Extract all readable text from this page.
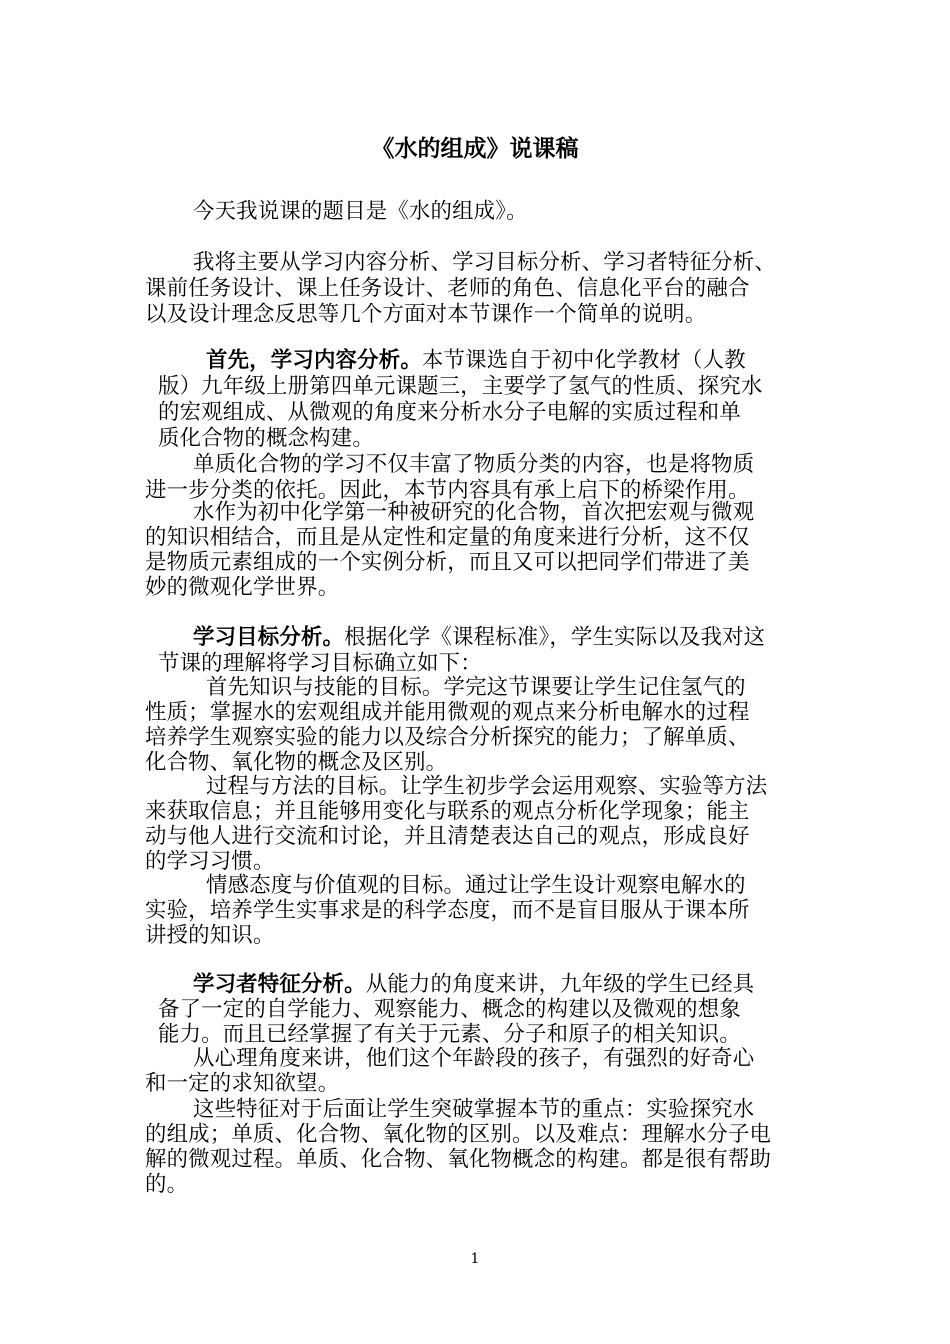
《水的组成》说课稿

今天我说课的题目是《水的组成》。

我将主要从学习内容分析、学习目标分析、学习者特征分析、

课前任务设计、课上任务设计、老师的角色、信息化平台的融合

以及设计理念反思等几个方面对本节课作一个简单的说明。

首先，学习内容分析。本节课选自于初中化学教材（人教

版）九年级上册第四单元课题三，主要学了氢气的性质、探究水

的宏观组成、从微观的角度来分析水分子电解的实质过程和单

质化合物的概念构建。

单质化合物的学习不仅丰富了物质分类的内容，也是将物质

进一步分类的依托。因此，本节内容具有承上启下的桥梁作用。

水作为初中化学第一种被研究的化合物，首次把宏观与微观

的知识相结合，而且是从定性和定量的角度来进行分析，这不仅

是物质元素组成的一个实例分析，而且又可以把同学们带进了美

妙的微观化学世界。

学习目标分析。根据化学《课程标准》，学生实际以及我对这

节课的理解将学习目标确立如下：

首先知识与技能的目标。学完这节课要让学生记住氢气的

性质；掌握水的宏观组成并能用微观的观点来分析电解水的过程

培养学生观察实验的能力以及综合分析探究的能力；了解单质、

化合物、氧化物的概念及区别。

过程与方法的目标。让学生初步学会运用观察、实验等方法

来获取信息；并且能够用变化与联系的观点分析化学现象；能主

动与他人进行交流和讨论，并且清楚表达自己的观点，形成良好

的学习习惯。

情感态度与价值观的目标。通过让学生设计观察电解水的

实验，培养学生实事求是的科学态度，而不是盲目服从于课本所

讲授的知识。

学习者特征分析。从能力的角度来讲，九年级的学生已经具

备了一定的自学能力、观察能力、概念的构建以及微观的想象

能力。而且已经掌握了有关于元素、分子和原子的相关知识。

从心理角度来讲，他们这个年龄段的孩子，有强烈的好奇心

和一定的求知欲望。

这些特征对于后面让学生突破掌握本节的重点：实验探究水

的组成；单质、化合物、氧化物的区别。以及难点：理解水分子电

解的微观过程。单质、化合物、氧化物概念的构建。都是很有帮助

的。

1
